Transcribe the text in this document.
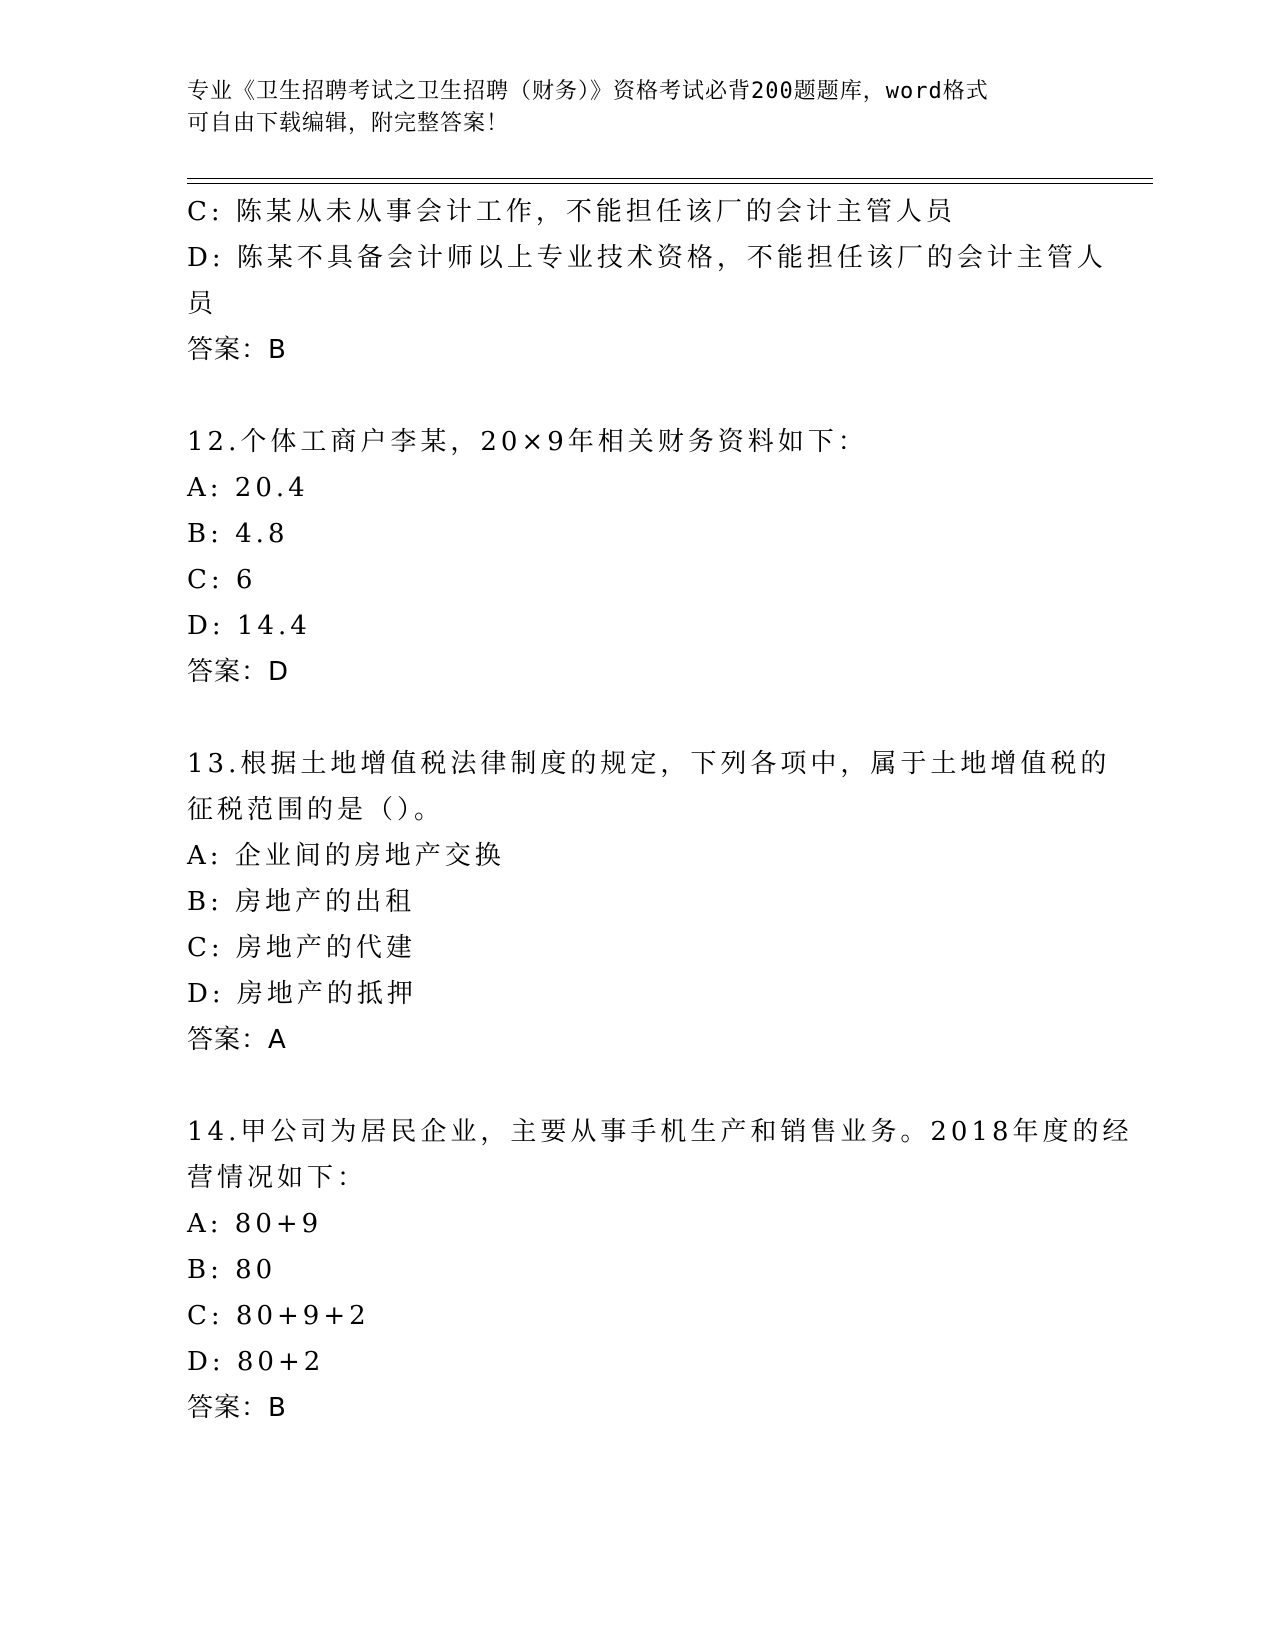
专业《卫生招聘考试之卫生招聘（财务）》资格考试必背200题题库，word格式
可自由下载编辑，附完整答案！
C: 陈某从未从事会计工作，不能担任该厂的会计主管人员
D: 陈某不具备会计师以上专业技术资格，不能担任该厂的会计主管人
员
答案：B
12.个体工商户李某，20×9年相关财务资料如下：
A: 20.4
B: 4.8
C: 6
D: 14.4
答案：D
13.根据土地增值税法律制度的规定，下列各项中，属于土地增值税的
征税范围的是（）。
A: 企业间的房地产交换
B: 房地产的出租
C: 房地产的代建
D: 房地产的抵押
答案：A
14.甲公司为居民企业，主要从事手机生产和销售业务。2018年度的经
营情况如下：
A: 80+9
B: 80
C: 80+9+2
D: 80+2
答案：B
